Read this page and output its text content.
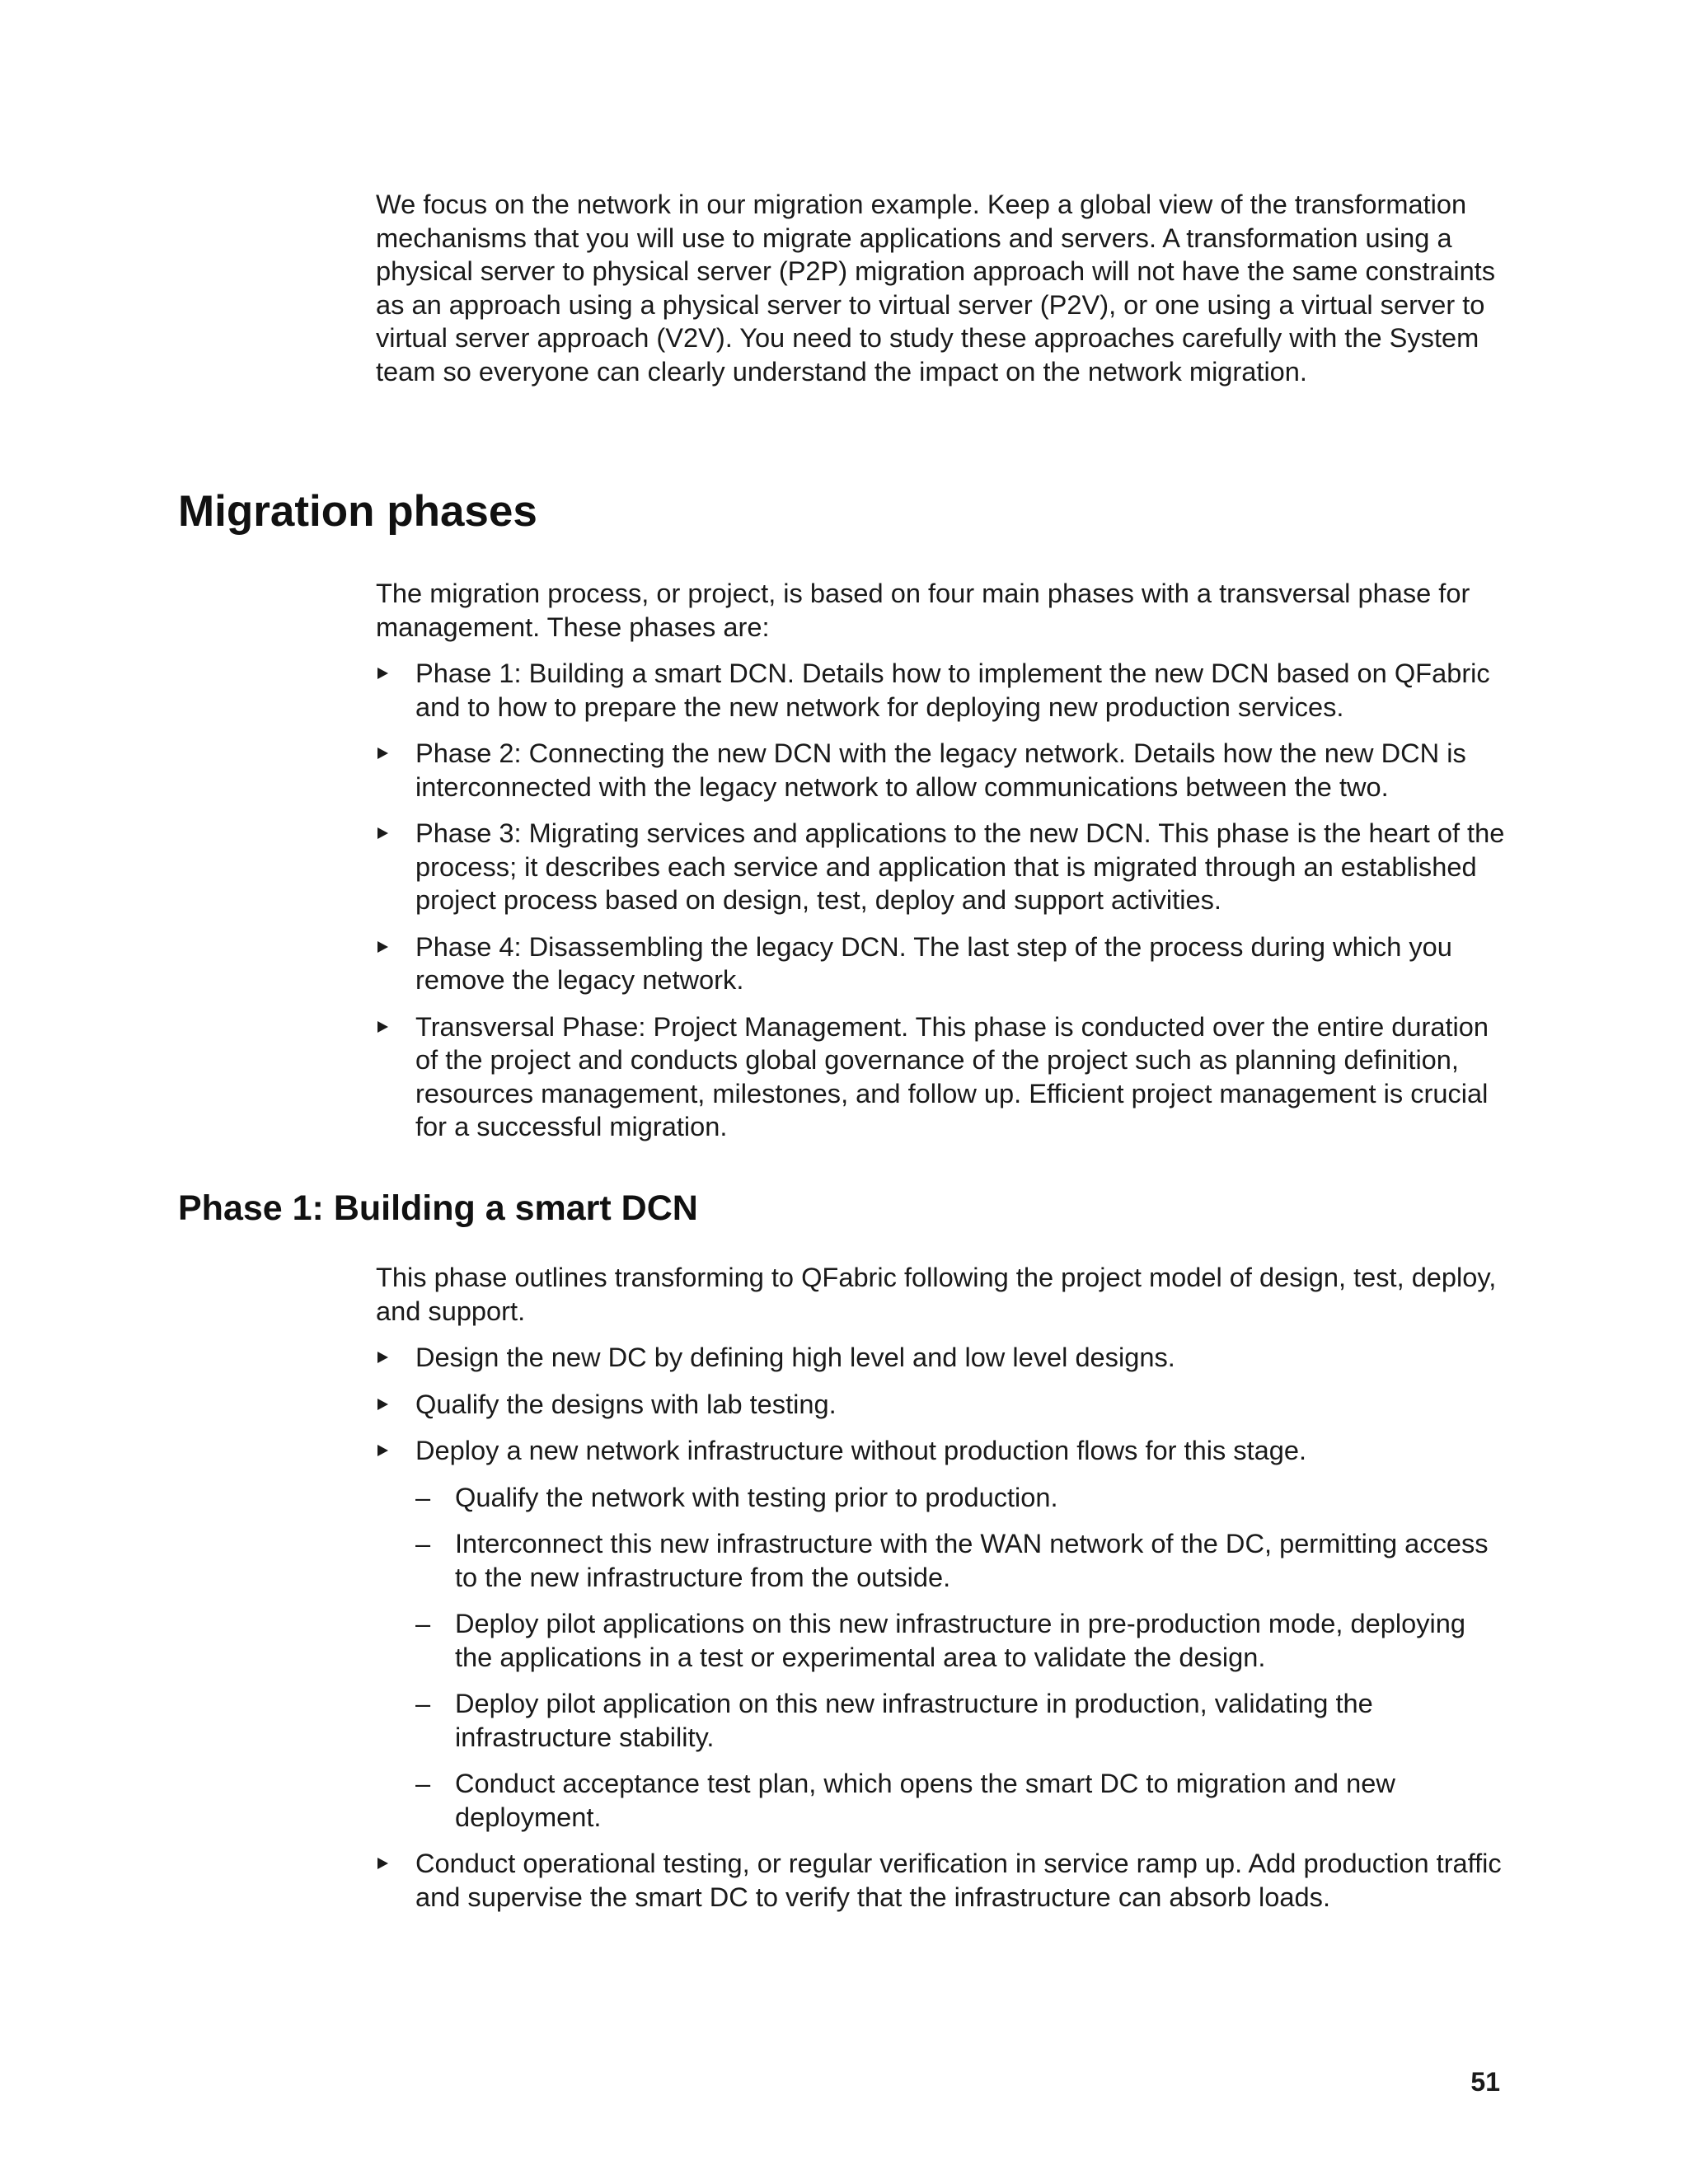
We focus on the network in our migration example. Keep a global view of the transformation mechanisms that you will use to migrate applications and servers. A transformation using a physical server to physical server (P2P) migration approach will not have the same constraints as an approach using a physical server to virtual server (P2V), or one using a virtual server to virtual server approach (V2V). You need to study these approaches carefully with the System team so everyone can clearly understand the impact on the network migration.

Migration phases

The migration process, or project, is based on four main phases with a transversal phase for management. These phases are:

Phase 1: Building a smart DCN. Details how to implement the new DCN based on QFabric and to how to prepare the new network for deploying new production services.
Phase 2: Connecting the new DCN with the legacy network. Details how the new DCN is interconnected with the legacy network to allow communications between the two.
Phase 3: Migrating services and applications to the new DCN. This phase is the heart of the process; it describes each service and application that is migrated through an established project process based on design, test, deploy and support activities.
Phase 4: Disassembling the legacy DCN. The last step of the process during which you remove the legacy network.
Transversal Phase: Project Management. This phase is conducted over the entire duration of the project and conducts global governance of the project such as planning definition, resources management, milestones, and follow up. Efficient project management is crucial for a successful migration.
Phase 1: Building a smart DCN

This phase outlines transforming to QFabric following the project model of design, test, deploy, and support.

Design the new DC by defining high level and low level designs.
Qualify the designs with lab testing.
Deploy a new network infrastructure without production flows for this stage.
– Qualify the network with testing prior to production.
– Interconnect this new infrastructure with the WAN network of the DC, permitting access to the new infrastructure from the outside.
– Deploy pilot applications on this new infrastructure in pre-production mode, deploying the applications in a test or experimental area to validate the design.
– Deploy pilot application on this new infrastructure in production, validating the infrastructure stability.
– Conduct acceptance test plan, which opens the smart DC to migration and new deployment.
Conduct operational testing, or regular verification in service ramp up. Add production traffic and supervise the smart DC to verify that the infrastructure can absorb loads.
51
